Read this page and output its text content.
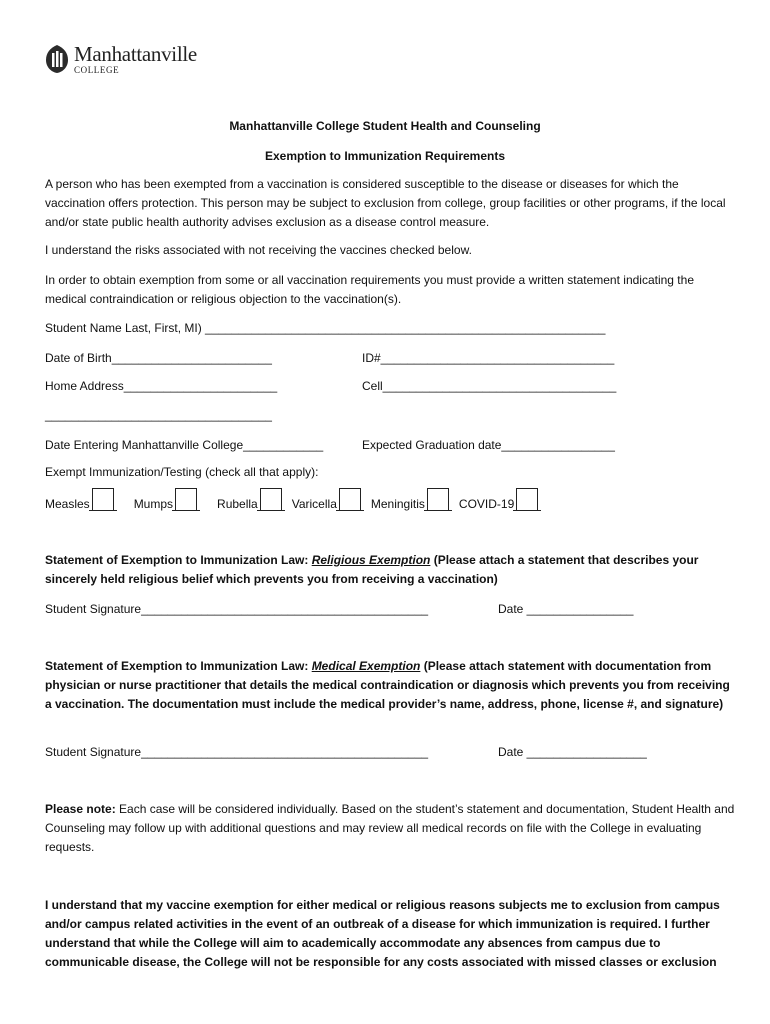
Manhattanville
COLLEGE
Manhattanville College Student Health and Counseling
Exemption to Immunization Requirements
A person who has been exempted from a vaccination is considered susceptible to the disease or diseases for which the vaccination offers protection. This person may be subject to exclusion from college, group facilities or other programs, if the local and/or state public health authority advises exclusion as a disease control measure.
I understand the risks associated with not receiving the vaccines checked below.
In order to obtain exemption from some or all vaccination requirements you must provide a written statement indicating the medical contraindication or religious objection to the vaccination(s).
Student Name Last, First, MI) ____________________________________________________________
Date of Birth________________________	ID#___________________________________
Home Address_______________________	Cell___________________________________
__________________________________
Date Entering Manhattanville College____________	Expected Graduation date_________________
Exempt Immunization/Testing (check all that apply):
Measles	Mumps	Rubella	Varicella	Meningitis	COVID-19
Statement of Exemption to Immunization Law: Religious Exemption (Please attach a statement that describes your sincerely held religious belief which prevents you from receiving a vaccination)
Student Signature___________________________________________	Date ________________
Statement of Exemption to Immunization Law: Medical Exemption (Please attach statement with documentation from physician or nurse practitioner that details the medical contraindication or diagnosis which prevents you from receiving a vaccination. The documentation must include the medical provider’s name, address, phone, license #, and signature)
Student Signature___________________________________________	Date __________________
Please note: Each case will be considered individually. Based on the student’s statement and documentation, Student Health and Counseling may follow up with additional questions and may review all medical records on file with the College in evaluating requests.
I understand that my vaccine exemption for either medical or religious reasons subjects me to exclusion from campus and/or campus related activities in the event of an outbreak of a disease for which immunization is required. I further understand that while the College will aim to academically accommodate any absences from campus due to communicable disease, the College will not be responsible for any costs associated with missed classes or exclusion
